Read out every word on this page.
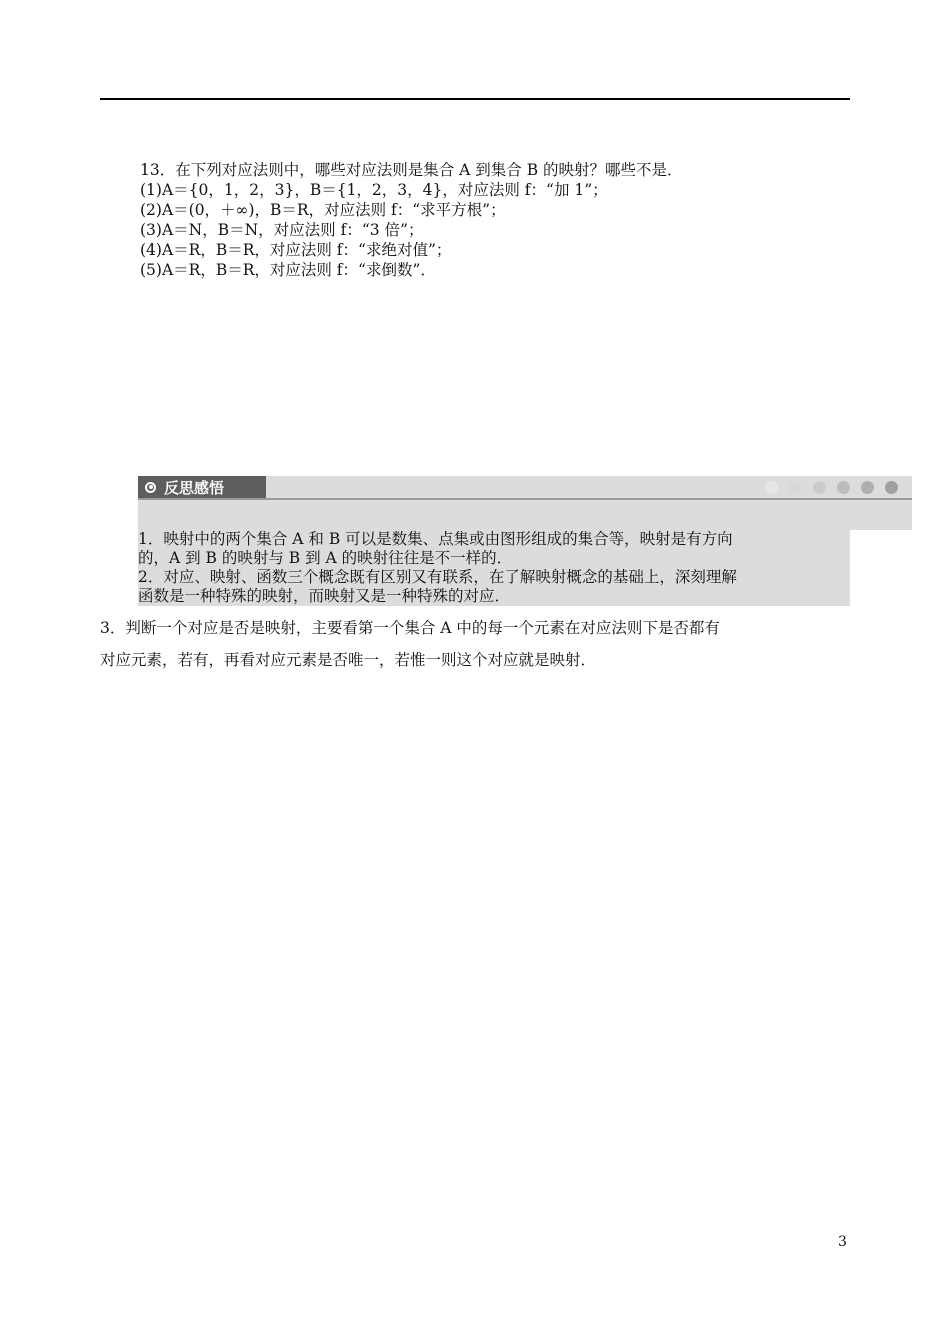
13．在下列对应法则中，哪些对应法则是集合 A 到集合 B 的映射？哪些不是．
(1)A＝{0，1，2，3}，B＝{1，2，3，4}，对应法则 f：“加 1”；
(2)A＝(0，＋∞)，B＝R，对应法则 f：“求平方根”；
(3)A＝N，B＝N，对应法则 f：“3 倍”；
(4)A＝R，B＝R，对应法则 f：“求绝对值”；
(5)A＝R，B＝R，对应法则 f：“求倒数”．
反思感悟
1．映射中的两个集合 A 和 B 可以是数集、点集或由图形组成的集合等，映射是有方向
的，A 到 B 的映射与 B 到 A 的映射往往是不一样的．
2．对应、映射、函数三个概念既有区别又有联系，在了解映射概念的基础上，深刻理解
函数是一种特殊的映射，而映射又是一种特殊的对应．
3．判断一个对应是否是映射，主要看第一个集合 A 中的每一个元素在对应法则下是否都有
对应元素，若有，再看对应元素是否唯一，若惟一则这个对应就是映射．
3
